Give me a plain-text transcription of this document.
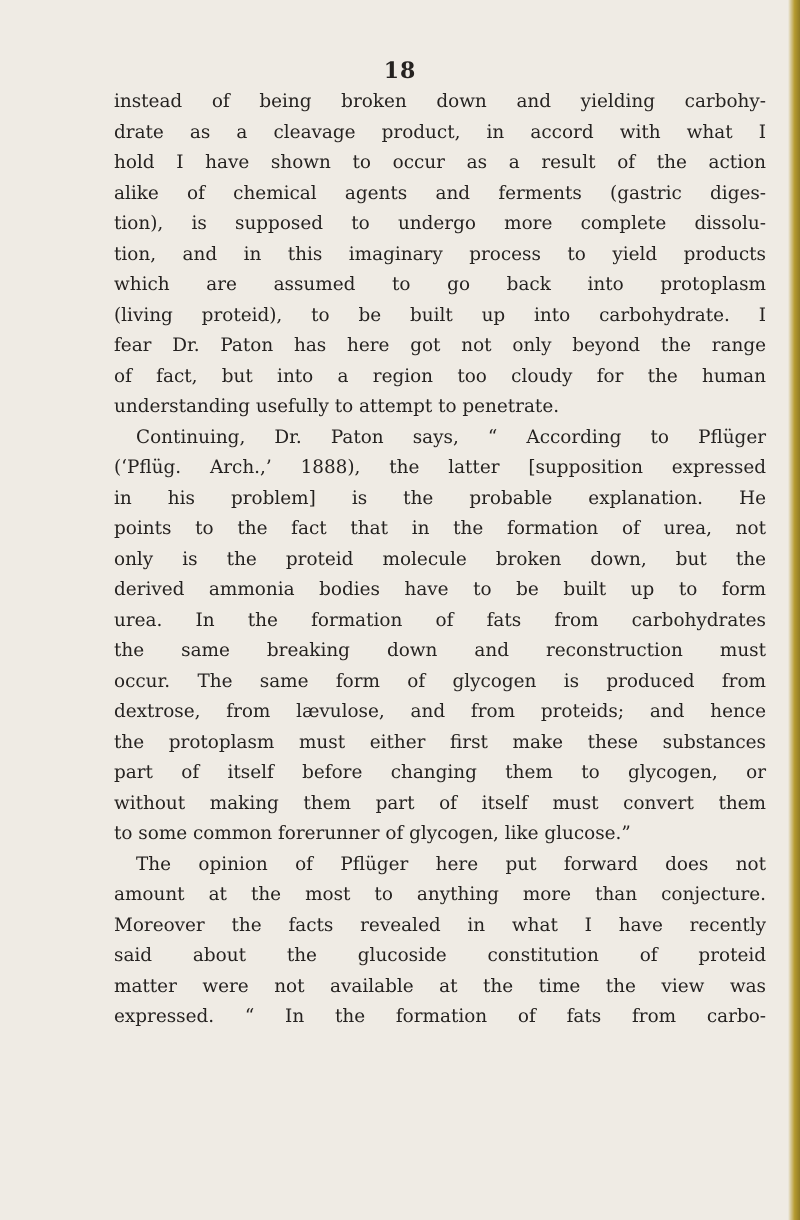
18
instead of being broken down and yielding carbohy-
drate as a cleavage product, in accord with what I
hold I have shown to occur as a result of the action
alike of chemical agents and ferments (gastric diges-
tion), is supposed to undergo more complete dissolu-
tion, and in this imaginary process to yield products
which are assumed to go back into protoplasm
(living proteid), to be built up into carbohydrate. I
fear Dr. Paton has here got not only beyond the range
of fact, but into a region too cloudy for the human
understanding usefully to attempt to penetrate.
Continuing, Dr. Paton says, “ According to Pflüger
(‘Pflüg. Arch.,’ 1888), the latter [supposition expressed
in his problem] is the probable explanation. He
points to the fact that in the formation of urea, not
only is the proteid molecule broken down, but the
derived ammonia bodies have to be built up to form
urea. In the formation of fats from carbohydrates
the same breaking down and reconstruction must
occur. The same form of glycogen is produced from
dextrose, from lævulose, and from proteids; and hence
the protoplasm must either first make these substances
part of itself before changing them to glycogen, or
without making them part of itself must convert them
to some common forerunner of glycogen, like glucose.”
The opinion of Pflüger here put forward does not
amount at the most to anything more than conjecture.
Moreover the facts revealed in what I have recently
said about the glucoside constitution of proteid
matter were not available at the time the view was
expressed. “ In the formation of fats from carbo-
